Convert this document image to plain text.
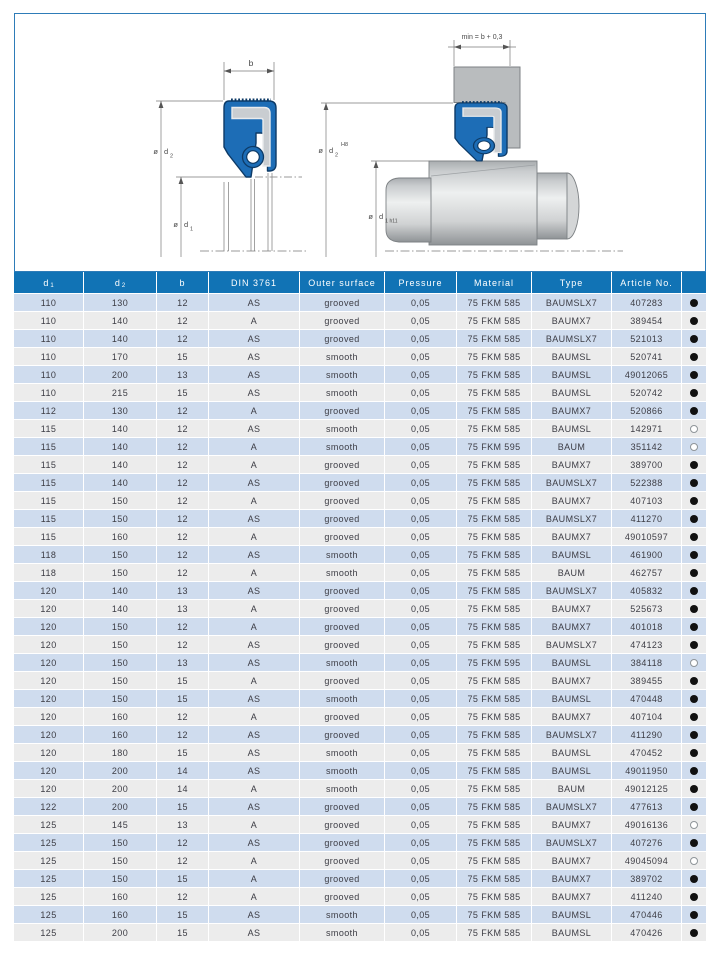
b
ø d
2
ø d
1
min = b + 0,3
ø d
2
H8
ø d
1 h11
d 1	d 2	b	DIN 3761	Outer surface	Pressure	Material	Type	Article No.
110	130	12	AS	grooved	0,05	75 FKM 585	BAUMSLX7	407283
110	140	12	A	grooved	0,05	75 FKM 585	BAUMX7	389454
110	140	12	AS	grooved	0,05	75 FKM 585	BAUMSLX7	521013
110	170	15	AS	smooth	0,05	75 FKM 585	BAUMSL	520741
110	200	13	AS	smooth	0,05	75 FKM 585	BAUMSL	49012065
110	215	15	AS	smooth	0,05	75 FKM 585	BAUMSL	520742
112	130	12	A	grooved	0,05	75 FKM 585	BAUMX7	520866
115	140	12	AS	smooth	0,05	75 FKM 585	BAUMSL	142971
115	140	12	A	smooth	0,05	75 FKM 595	BAUM	351142
115	140	12	A	grooved	0,05	75 FKM 585	BAUMX7	389700
115	140	12	AS	grooved	0,05	75 FKM 585	BAUMSLX7	522388
115	150	12	A	grooved	0,05	75 FKM 585	BAUMX7	407103
115	150	12	AS	grooved	0,05	75 FKM 585	BAUMSLX7	411270
115	160	12	A	grooved	0,05	75 FKM 585	BAUMX7	49010597
118	150	12	AS	smooth	0,05	75 FKM 585	BAUMSL	461900
118	150	12	A	smooth	0,05	75 FKM 585	BAUM	462757
120	140	13	AS	grooved	0,05	75 FKM 585	BAUMSLX7	405832
120	140	13	A	grooved	0,05	75 FKM 585	BAUMX7	525673
120	150	12	A	grooved	0,05	75 FKM 585	BAUMX7	401018
120	150	12	AS	grooved	0,05	75 FKM 585	BAUMSLX7	474123
120	150	13	AS	smooth	0,05	75 FKM 595	BAUMSL	384118
120	150	15	A	grooved	0,05	75 FKM 585	BAUMX7	389455
120	150	15	AS	smooth	0,05	75 FKM 585	BAUMSL	470448
120	160	12	A	grooved	0,05	75 FKM 585	BAUMX7	407104
120	160	12	AS	grooved	0,05	75 FKM 585	BAUMSLX7	411290
120	180	15	AS	smooth	0,05	75 FKM 585	BAUMSL	470452
120	200	14	AS	smooth	0,05	75 FKM 585	BAUMSL	49011950
120	200	14	A	smooth	0,05	75 FKM 585	BAUM	49012125
122	200	15	AS	grooved	0,05	75 FKM 585	BAUMSLX7	477613
125	145	13	A	grooved	0,05	75 FKM 585	BAUMX7	49016136
125	150	12	AS	grooved	0,05	75 FKM 585	BAUMSLX7	407276
125	150	12	A	grooved	0,05	75 FKM 585	BAUMX7	49045094
125	150	15	A	grooved	0,05	75 FKM 585	BAUMX7	389702
125	160	12	A	grooved	0,05	75 FKM 585	BAUMX7	411240
125	160	15	AS	smooth	0,05	75 FKM 585	BAUMSL	470446
125	200	15	AS	smooth	0,05	75 FKM 585	BAUMSL	470426
